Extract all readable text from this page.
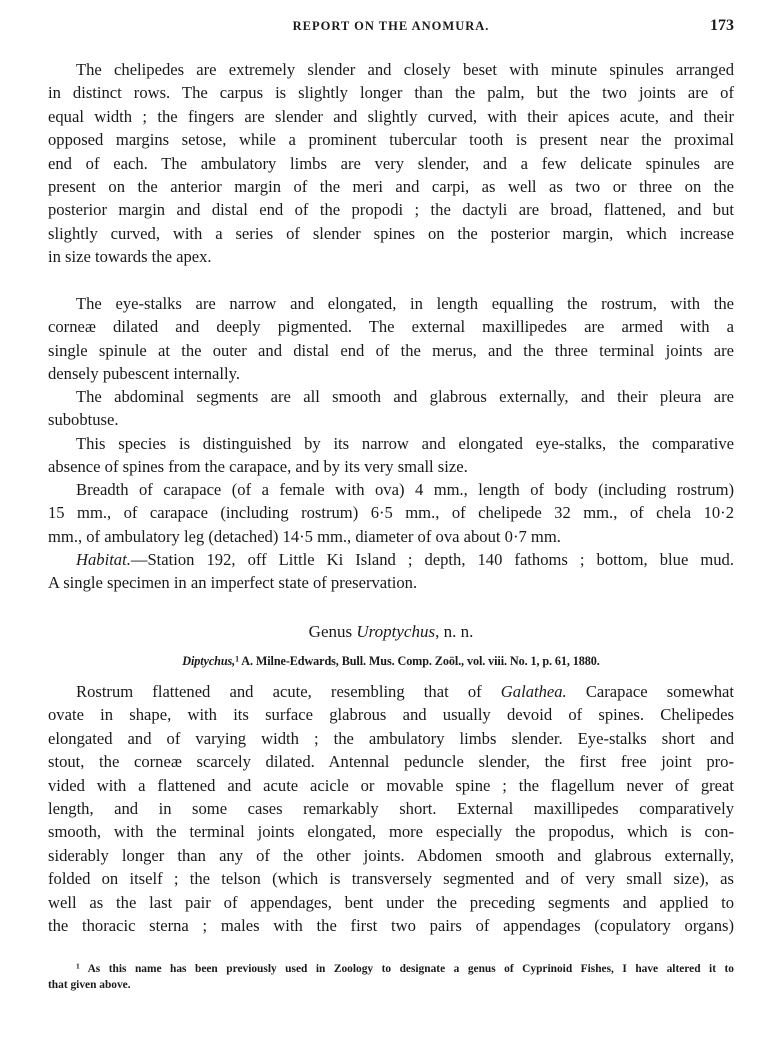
REPORT ON THE ANOMURA.	173
The chelipedes are extremely slender and closely beset with minute spinules arranged
in distinct rows. The carpus is slightly longer than the palm, but the two joints are of
equal width ; the fingers are slender and slightly curved, with their apices acute, and their
opposed margins setose, while a prominent tubercular tooth is present near the proximal
end of each. The ambulatory limbs are very slender, and a few delicate spinules are
present on the anterior margin of the meri and carpi, as well as two or three on the
posterior margin and distal end of the propodi ; the dactyli are broad, flattened, and but
slightly curved, with a series of slender spines on the posterior margin, which increase
in size towards the apex.
The eye-stalks are narrow and elongated, in length equalling the rostrum, with the
corneæ dilated and deeply pigmented. The external maxillipedes are armed with a
single spinule at the outer and distal end of the merus, and the three terminal joints are
densely pubescent internally.
The abdominal segments are all smooth and glabrous externally, and their pleura are
subobtuse.
This species is distinguished by its narrow and elongated eye-stalks, the comparative
absence of spines from the carapace, and by its very small size.
Breadth of carapace (of a female with ova) 4 mm., length of body (including rostrum)
15 mm., of carapace (including rostrum) 6·5 mm., of chelipede 32 mm., of chela 10·2
mm., of ambulatory leg (detached) 14·5 mm., diameter of ova about 0·7 mm.
Habitat.—Station 192, off Little Ki Island ; depth, 140 fathoms ; bottom, blue mud.
A single specimen in an imperfect state of preservation.
Genus Uroptychus, n. n.
Diptychus,$^1$ A. Milne-Edwards, Bull. Mus. Comp. Zoöl., vol. viii. No. 1, p. 61, 1880.
Rostrum flattened and acute, resembling that of Galathea. Carapace somewhat
ovate in shape, with its surface glabrous and usually devoid of spines. Chelipedes
elongated and of varying width ; the ambulatory limbs slender. Eye-stalks short and
stout, the corneæ scarcely dilated. Antennal peduncle slender, the first free joint pro-
vided with a flattened and acute acicle or movable spine ; the flagellum never of great
length, and in some cases remarkably short. External maxillipedes comparatively
smooth, with the terminal joints elongated, more especially the propodus, which is con-
siderably longer than any of the other joints. Abdomen smooth and glabrous externally,
folded on itself ; the telson (which is transversely segmented and of very small size), as
well as the last pair of appendages, bent under the preceding segments and applied to
the thoracic sterna ; males with the first two pairs of appendages (copulatory organs)
$^1$ As this name has been previously used in Zoology to designate a genus of Cyprinoid Fishes, I have altered it to
that given above.
